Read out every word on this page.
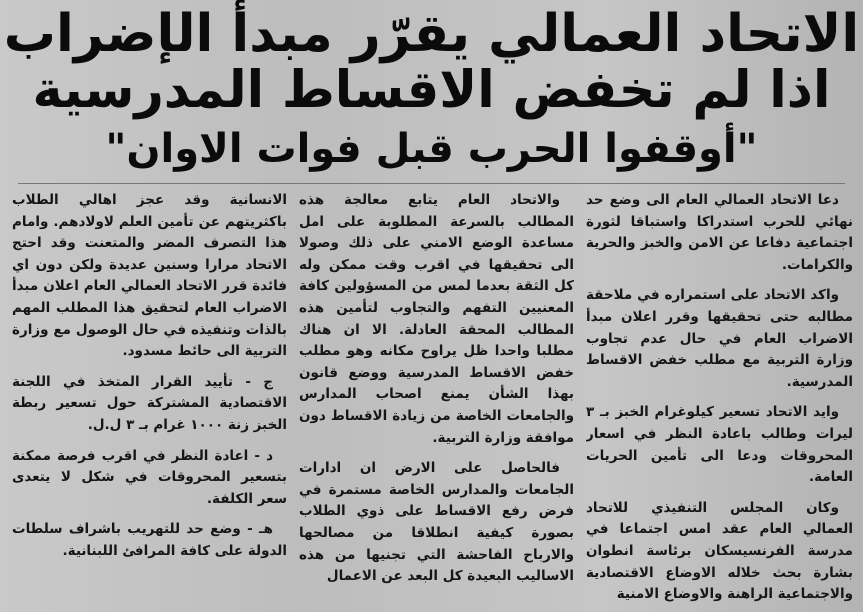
الاتحاد العمالي يقرّر مبدأ الإضراب
اذا لم تخفض الاقساط المدرسية
"أوقفوا الحرب قبل فوات الاوان"

دعا الاتحاد العمالي العام الى وضع حد نهائي للحرب استدراكا واستباقا لثورة اجتماعية دفاعا عن الامن والخبز والحرية والكرامات.

واكد الاتحاد على استمراره في ملاحقة مطالبه حتى تحقيقها وقرر اعلان مبدأ الاضراب العام في حال عدم تجاوب وزارة التربية مع مطلب خفض الاقساط المدرسية.

وايد الاتحاد تسعير كيلوغرام الخبز بـ ٣ ليرات وطالب باعادة النظر في اسعار المحروقات ودعا الى تأمين الحريات العامة.

وكان المجلس التنفيذي للاتحاد العمالي العام عقد امس اجتماعا في مدرسة الفرنسيسكان برئاسة انطوان بشارة بحث خلاله الاوضاع الاقتصادية والاجتماعية الراهنة والاوضاع الامنية

والاتحاد العام يتابع معالجة هذه المطالب بالسرعة المطلوبة على امل مساعدة الوضع الامني على ذلك وصولا الى تحقيقها في اقرب وقت ممكن وله كل الثقة بعدما لمس من المسؤولين كافة المعنيين التفهم والتجاوب لتأمين هذه المطالب المحقة العادلة. الا ان هناك مطلبا واحدا ظل يراوح مكانه وهو مطلب خفض الاقساط المدرسية ووضع قانون بهذا الشأن يمنع اصحاب المدارس والجامعات الخاصة من زيادة الاقساط دون موافقة وزارة التربية.

فالحاصل على الارض ان ادارات الجامعات والمدارس الخاصة مستمرة في فرض رفع الاقساط على ذوي الطلاب بصورة كيفية انطلاقا من مصالحها والارباح الفاحشة التي تجنيها من هذه الاساليب البعيدة كل البعد عن الاعمال

الانسانية وقد عجز اهالي الطلاب باكثريتهم عن تأمين العلم لاولادهم. وامام هذا التصرف المضر والمتعنت وقد احتج الاتحاد مرارا وسنين عديدة ولكن دون اي فائدة قرر الاتحاد العمالي العام اعلان مبدأ الاضراب العام لتحقيق هذا المطلب المهم بالذات وتنفيذه في حال الوصول مع وزارة التربية الى حائط مسدود.

ج - تأييد القرار المتخذ في اللجنة الاقتصادية المشتركة حول تسعير ربطة الخبز زنة ١٠٠٠ غرام بـ ٣ ل.ل.

د - اعادة النظر في اقرب فرصة ممكنة بتسعير المحروقات في شكل لا يتعدى سعر الكلفة.

هـ - وضع حد للتهريب باشراف سلطات الدولة على كافة المرافئ اللبنانية.
